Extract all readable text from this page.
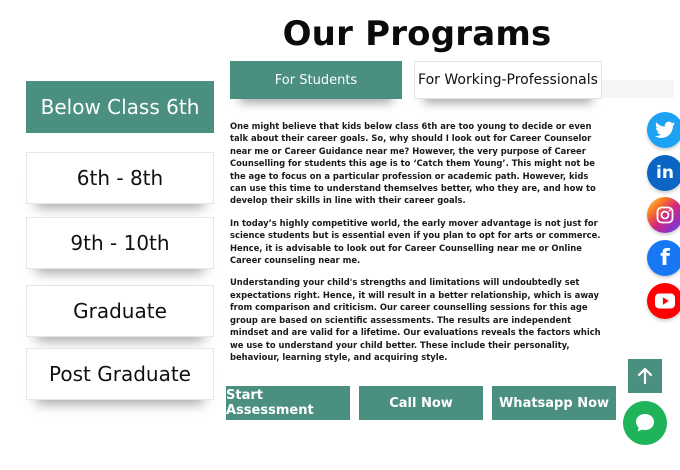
Our Programs
Below Class 6th
6th - 8th
9th - 10th
Graduate
Post Graduate
For Students	For Working-Professionals

One might believe that kids below class 6th are too young to decide or even talk about their career goals. So, why should I look out for Career Counselor near me or Career Guidance near me? However, the very purpose of Career Counselling for students this age is to ‘Catch them Young’. This might not be the age to focus on a particular profession or academic path. However, kids can use this time to understand themselves better, who they are, and how to develop their skills in line with their career goals.

In today’s highly competitive world, the early mover advantage is not just for science students but is essential even if you plan to opt for arts or commerce. Hence, it is advisable to look out for Career Counselling near me or Online Career counseling near me.

Understanding your child's strengths and limitations will undoubtedly set expectations right. Hence, it will result in a better relationship, which is away from comparison and criticism. Our career counselling sessions for this age group are based on scientific assessments. The results are independent mindset and are valid for a lifetime. Our evaluations reveals the factors which we use to understand your child better. These include their personality, behaviour, learning style, and acquiring style.

Start Assessment	Call Now	Whatsapp Now
in
f
